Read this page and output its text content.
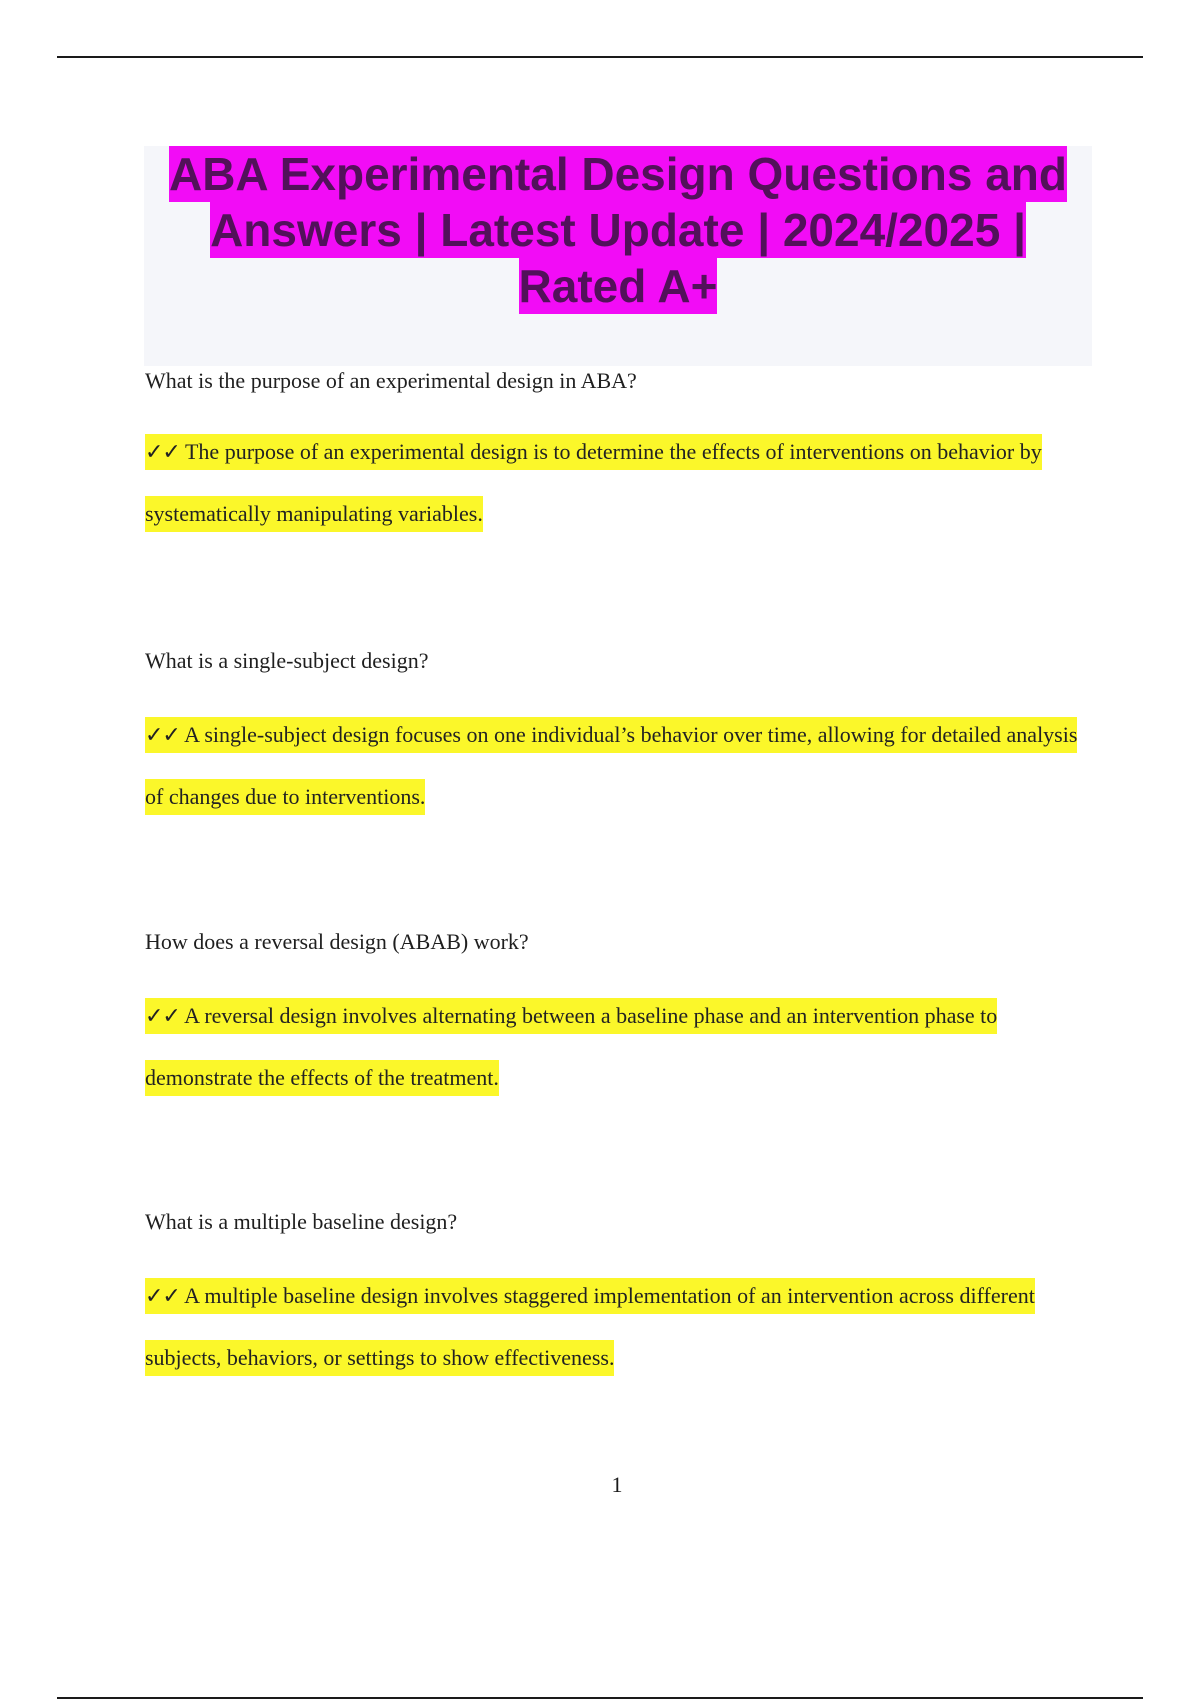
ABA Experimental Design Questions and Answers | Latest Update | 2024/2025 | Rated A+

What is the purpose of an experimental design in ABA?

✓✓ The purpose of an experimental design is to determine the effects of interventions on behavior by systematically manipulating variables.

What is a single-subject design?

✓✓ A single-subject design focuses on one individual’s behavior over time, allowing for detailed analysis of changes due to interventions.

How does a reversal design (ABAB) work?

✓✓ A reversal design involves alternating between a baseline phase and an intervention phase to demonstrate the effects of the treatment.

What is a multiple baseline design?

✓✓ A multiple baseline design involves staggered implementation of an intervention across different subjects, behaviors, or settings to show effectiveness.

1
